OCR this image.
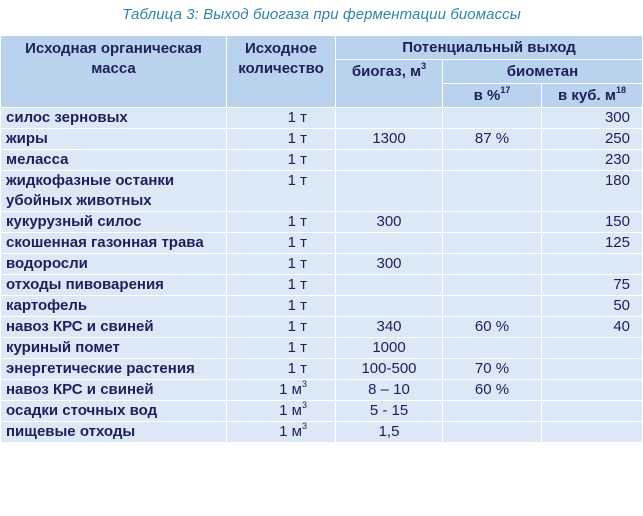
Таблица 3: Выход биогаза при ферментации биомассы
Исходная органическая масса	Исходное количество	Потенциальный выход		
		биогаз, $м^3$	биометан	
			в %$^{17}$	в куб. $м^{18}$
силос зерновых	1 т			300
жиры	1 т	1300	87 %	250
меласса	1 т			230
жидкофазные останки убойных животных	1 т			180
кукурузный силос	1 т	300		150
скошенная газонная трава	1 т			125
водоросли	1 т	300		
отходы пивоварения	1 т			75
картофель	1 т			50
навоз КРС и свиней	1 т	340	60 %	40
куриный помет	1 т	1000		
энергетические растения	1 т	100-500	70 %	
навоз КРС и свиней	1 $м^3$	8 – 10	60 %	
осадки сточных вод	1 $м^3$	5 - 15		
пищевые отходы	1 $м^3$	1,5		
